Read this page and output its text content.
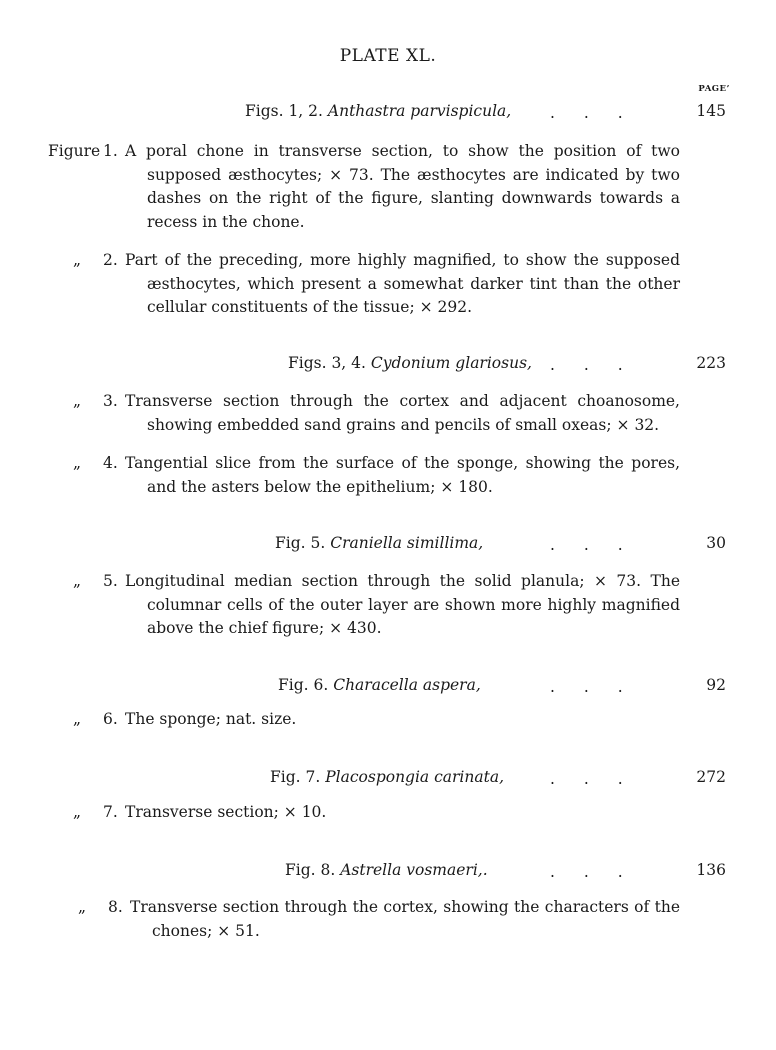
PLATE XL.
PAGE’
Figs. 1, 2. Anthastra parvispicula,	. . .	145
Figure 1. A poral chone in transverse section, to show the position of two supposed æsthocytes; × 73. The æsthocytes are indicated by two dashes on the right of the figure, slanting downwards towards a recess in the chone.
„ 2. Part of the preceding, more highly magnified, to show the supposed æsthocytes, which present a somewhat darker tint than the other cellular constituents of the tissue; × 292.
Figs. 3, 4. Cydonium glariosus, . . .	223
„ 3. Transverse section through the cortex and adjacent choanosome, showing embedded sand grains and pencils of small oxeas; × 32.
„ 4. Tangential slice from the surface of the sponge, showing the pores, and the asters below the epithelium; × 180.
Fig. 5. Craniella simillima,	. . .	30
„ 5. Longitudinal median section through the solid planula; × 73. The columnar cells of the outer layer are shown more highly magnified above the chief figure; × 430.
Fig. 6. Characella aspera,	. . .	92
„ 6. The sponge; nat. size.
Fig. 7. Placospongia carinata,	. . .	272
„ 7. Transverse section; × 10.
Fig. 8. Astrella vosmaeri,.	. . .	136
„ 8. Transverse section through the cortex, showing the characters of the chones; × 51.
